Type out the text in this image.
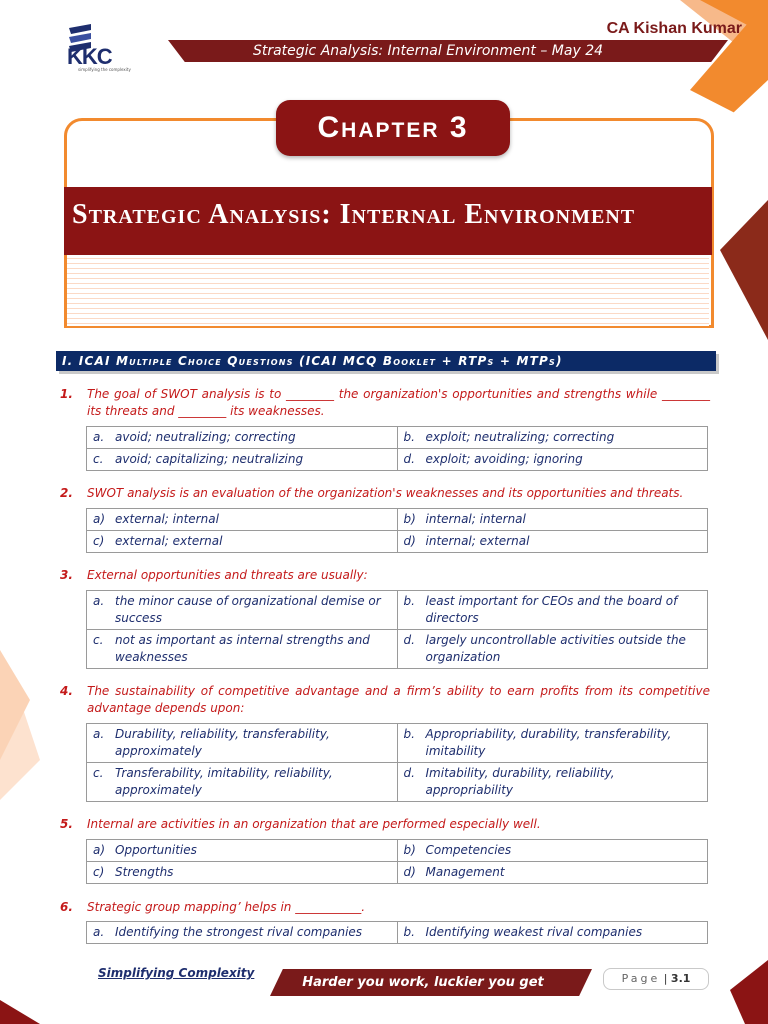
KKC
simplifying the complexity
CA Kishan Kumar
Strategic Analysis: Internal Environment – May 24
Strategic Analysis: Internal Environment
Chapter 3
I. ICAI Multiple Choice Questions (ICAI MCQ Booklet + RTPs + MTPs)
1. The goal of SWOT analysis is to ________ the organization's opportunities and strengths while ________ its threats and ________ its weaknesses.
a. avoid; neutralizing; correcting	b. exploit; neutralizing; correcting
c. avoid; capitalizing; neutralizing	d. exploit; avoiding; ignoring
2. SWOT analysis is an evaluation of the organization's weaknesses and its opportunities and threats.
a) external; internal	b) internal; internal
c) external; external	d) internal; external
3. External opportunities and threats are usually:
a. the minor cause of organizational demise or success	b. least important for CEOs and the board of directors
c. not as important as internal strengths and weaknesses	d. largely uncontrollable activities outside the organization
4. The sustainability of competitive advantage and a firm’s ability to earn profits from its competitive advantage depends upon:
a. Durability, reliability, transferability, approximately	b. Appropriability, durability, transferability, imitability
c. Transferability, imitability, reliability, approximately	d. Imitability, durability, reliability, appropriability
5. Internal are activities in an organization that are performed especially well.
a) Opportunities	b) Competencies
c) Strengths	d) Management
6. Strategic group mapping’ helps in ___________.
a. Identifying the strongest rival companies	b. Identifying weakest rival companies
Simplifying Complexity
Harder you work, luckier you get	Page | 3.1
